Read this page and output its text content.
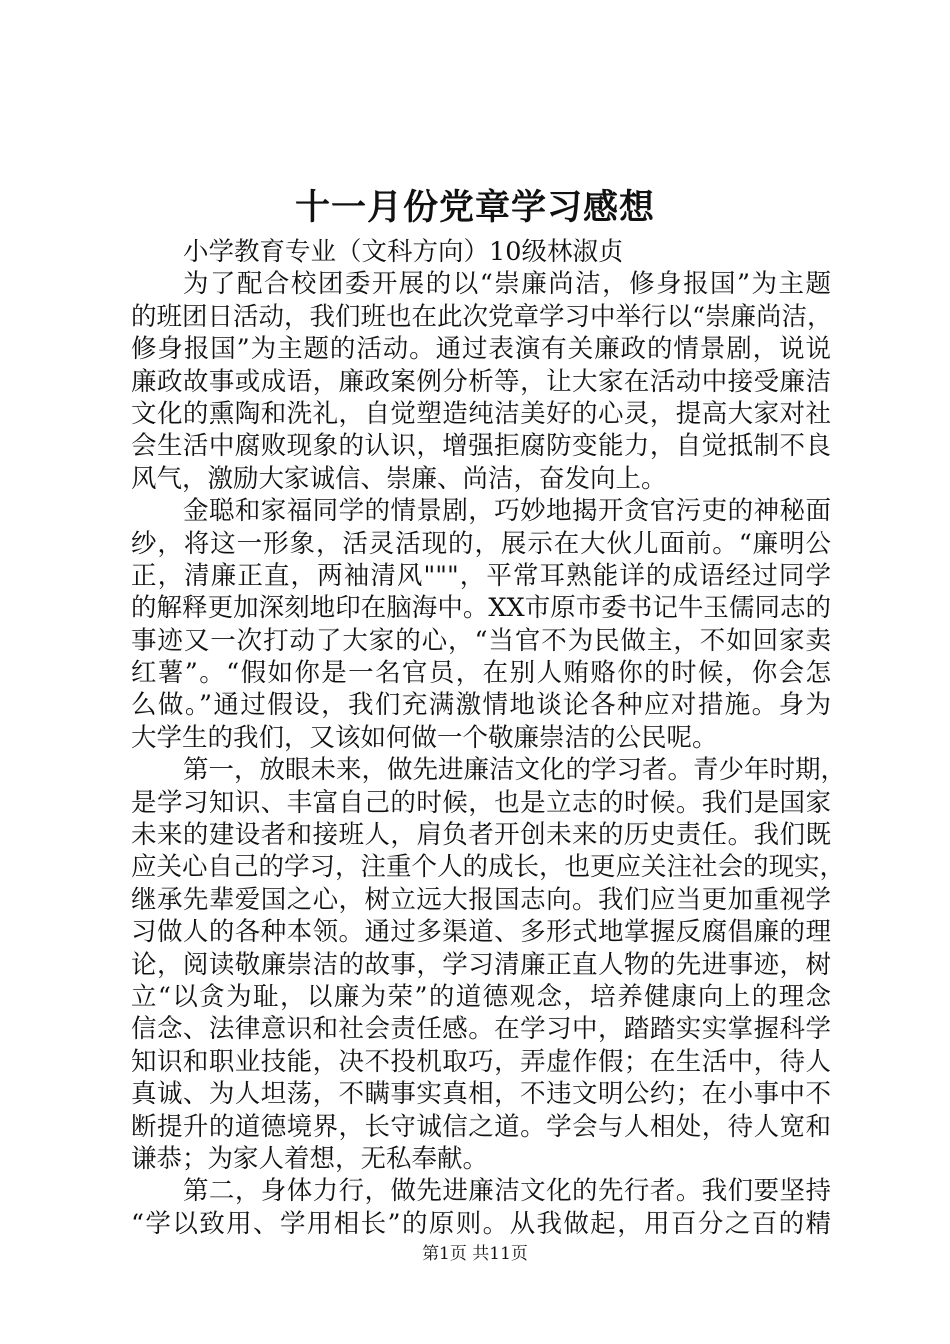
十一月份党章学习感想
小学教育专业（文科方向）10级林淑贞
为了配合校团委开展的以“崇廉尚洁，修身报国”为主题
的班团日活动，我们班也在此次党章学习中举行以“崇廉尚洁，
修身报国”为主题的活动。通过表演有关廉政的情景剧，说说
廉政故事或成语，廉政案例分析等，让大家在活动中接受廉洁
文化的熏陶和洗礼，自觉塑造纯洁美好的心灵，提高大家对社
会生活中腐败现象的认识，增强拒腐防变能力，自觉抵制不良
风气，激励大家诚信、崇廉、尚洁，奋发向上。
金聪和家福同学的情景剧，巧妙地揭开贪官污吏的神秘面
纱，将这一形象，活灵活现的，展示在大伙儿面前。“廉明公
正，清廉正直，两袖清风"""，平常耳熟能详的成语经过同学
的解释更加深刻地印在脑海中。XX市原市委书记牛玉儒同志的
事迹又一次打动了大家的心，“当官不为民做主，不如回家卖
红薯”。“假如你是一名官员，在别人贿赂你的时候，你会怎
么做。”通过假设，我们充满激情地谈论各种应对措施。身为
大学生的我们，又该如何做一个敬廉崇洁的公民呢。
第一，放眼未来，做先进廉洁文化的学习者。青少年时期，
是学习知识、丰富自己的时候，也是立志的时候。我们是国家
未来的建设者和接班人，肩负者开创未来的历史责任。我们既
应关心自己的学习，注重个人的成长，也更应关注社会的现实，
继承先辈爱国之心，树立远大报国志向。我们应当更加重视学
习做人的各种本领。通过多渠道、多形式地掌握反腐倡廉的理
论，阅读敬廉崇洁的故事，学习清廉正直人物的先进事迹，树
立“以贪为耻，以廉为荣”的道德观念，培养健康向上的理念
信念、法律意识和社会责任感。在学习中，踏踏实实掌握科学
知识和职业技能，决不投机取巧，弄虚作假；在生活中，待人
真诚、为人坦荡，不瞒事实真相，不违文明公约；在小事中不
断提升的道德境界，长守诚信之道。学会与人相处，待人宽和
谦恭；为家人着想，无私奉献。
第二，身体力行，做先进廉洁文化的先行者。我们要坚持
“学以致用、学用相长”的原则。从我做起，用百分之百的精
第1页 共11页
